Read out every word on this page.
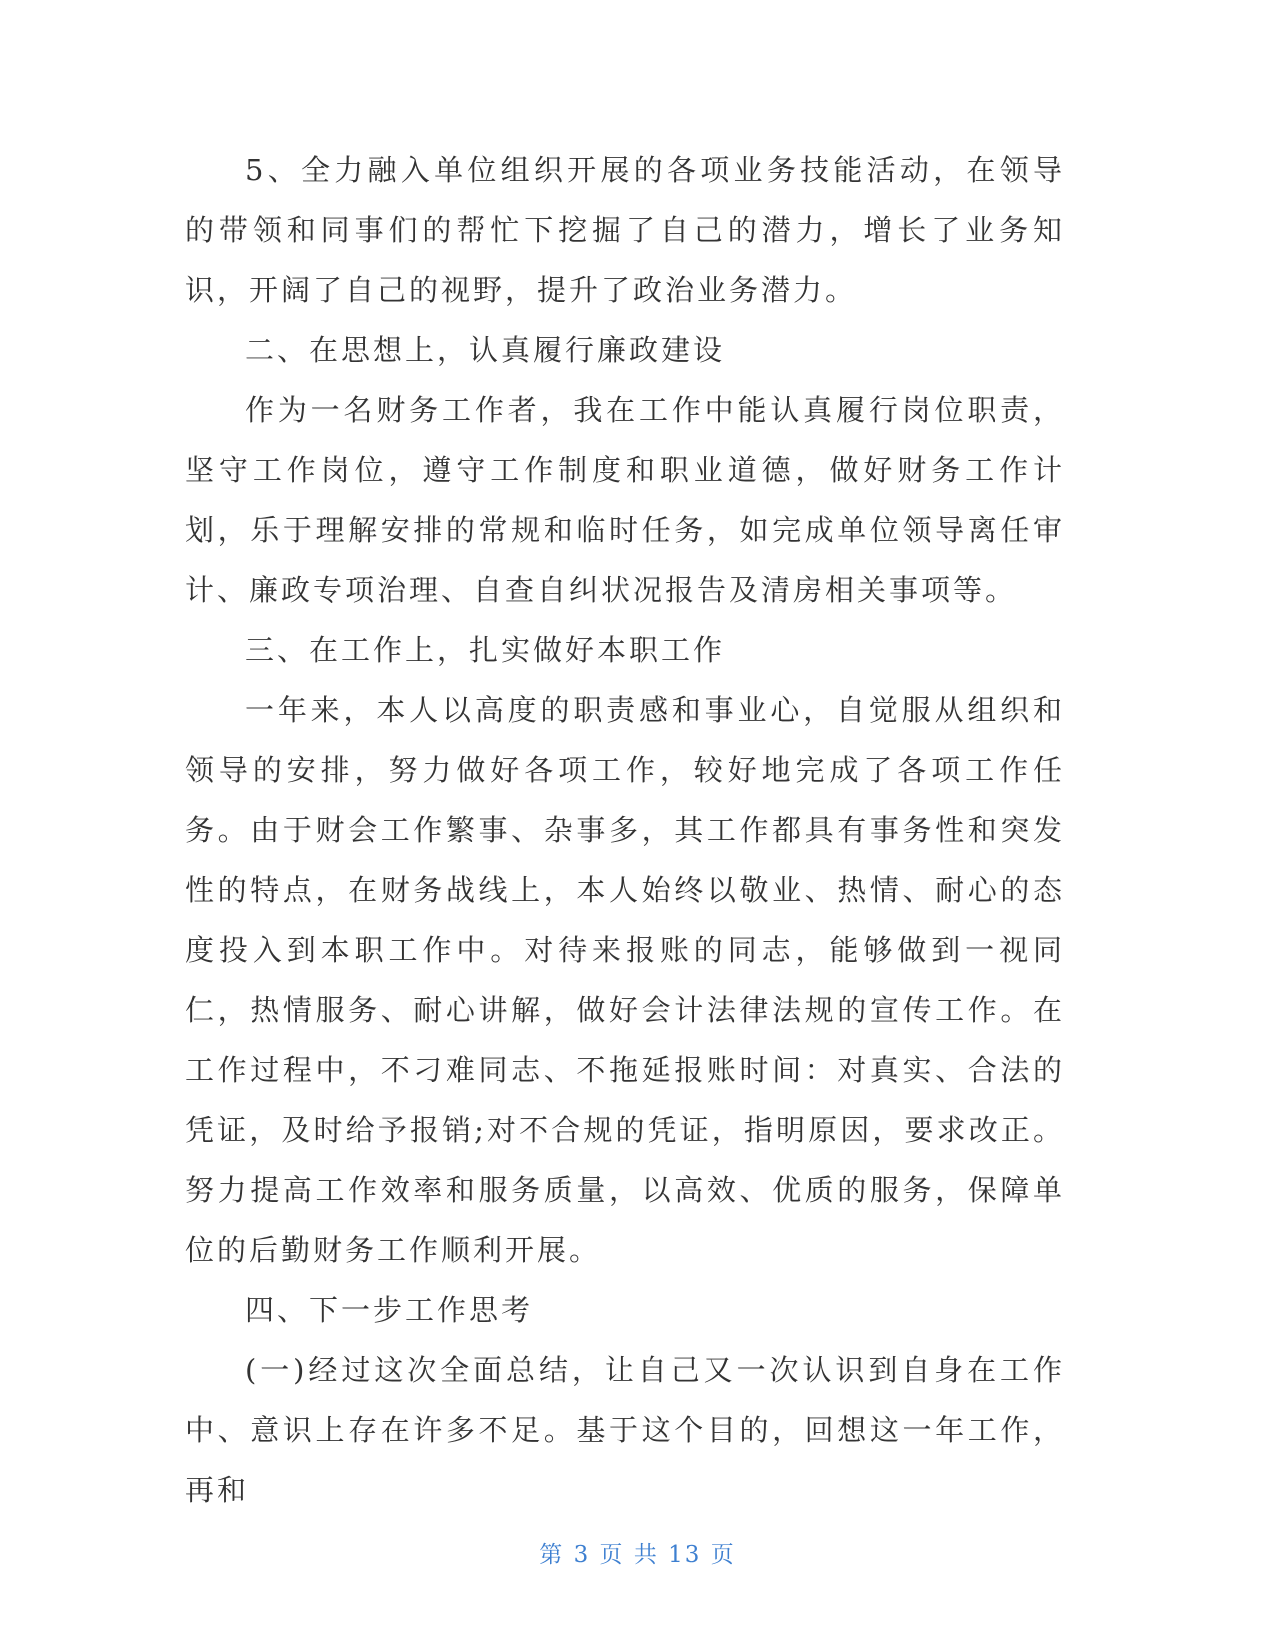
5、全力融入单位组织开展的各项业务技能活动，在领导的带领和同事们的帮忙下挖掘了自己的潜力，增长了业务知识，开阔了自己的视野，提升了政治业务潜力。

二、在思想上，认真履行廉政建设

作为一名财务工作者，我在工作中能认真履行岗位职责，坚守工作岗位，遵守工作制度和职业道德，做好财务工作计划，乐于理解安排的常规和临时任务，如完成单位领导离任审计、廉政专项治理、自查自纠状况报告及清房相关事项等。

三、在工作上，扎实做好本职工作

一年来，本人以高度的职责感和事业心，自觉服从组织和领导的安排，努力做好各项工作，较好地完成了各项工作任务。由于财会工作繁事、杂事多，其工作都具有事务性和突发性的特点，在财务战线上，本人始终以敬业、热情、耐心的态度投入到本职工作中。对待来报账的同志，能够做到一视同仁，热情服务、耐心讲解，做好会计法律法规的宣传工作。在工作过程中，不刁难同志、不拖延报账时间：对真实、合法的凭证，及时给予报销;对不合规的凭证，指明原因，要求改正。努力提高工作效率和服务质量，以高效、优质的服务，保障单位的后勤财务工作顺利开展。

四、下一步工作思考

(一)经过这次全面总结，让自己又一次认识到自身在工作中、意识上存在许多不足。基于这个目的，回想这一年工作，再和

第 3 页 共 13 页
